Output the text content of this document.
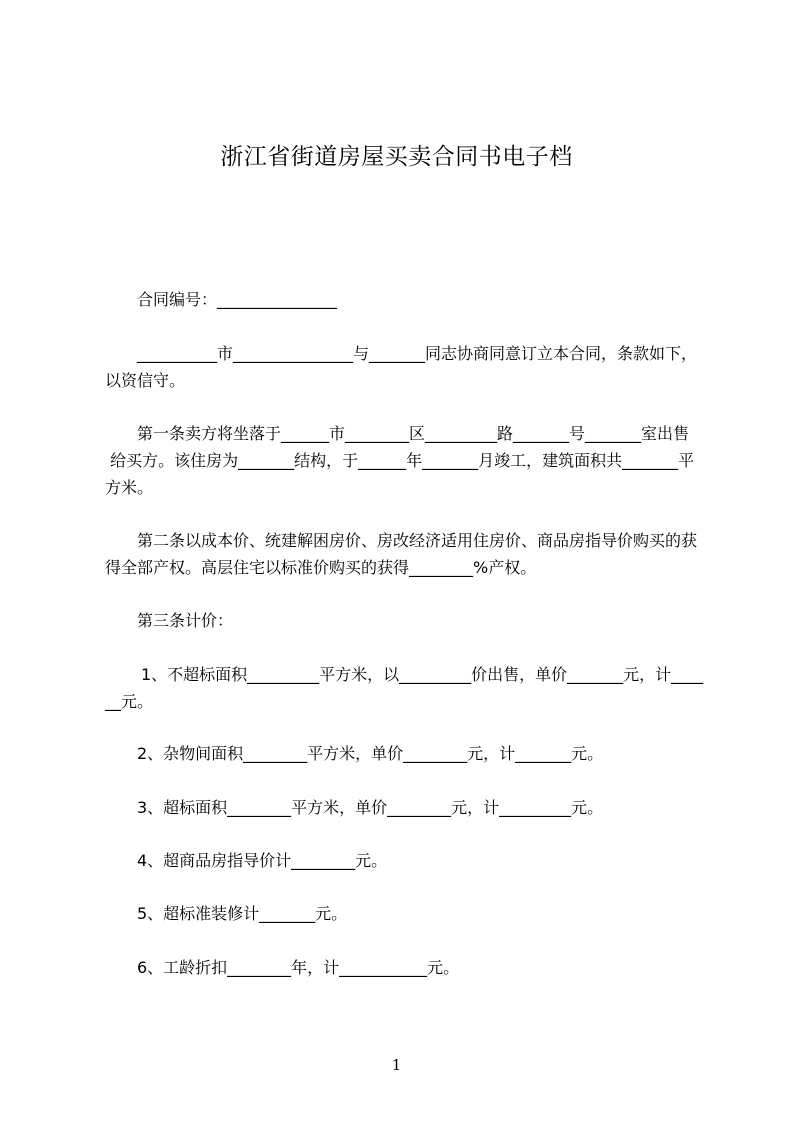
浙江省街道房屋买卖合同书电子档
合同编号：_______________
__________市_______________与_______同志协商同意订立本合同，条款如下，
以资信守。
第一条卖方将坐落于______市________区_________路_______号_______室出售
给买方。该住房为_______结构，于______年_______月竣工，建筑面积共_______平
方米。
第二条以成本价、统建解困房价、房改经济适用住房价、商品房指导价购买的获
得全部产权。高层住宅以标准价购买的获得________%产权。
第三条计价：
1、不超标面积_________平方米，以_________价出售，单价_______元，计____
__元。
2、杂物间面积________平方米，单价________元，计_______元。
3、超标面积________平方米，单价________元，计_________元。
4、超商品房指导价计________元。
5、超标准装修计_______元。
6、工龄折扣________年，计___________元。
1
